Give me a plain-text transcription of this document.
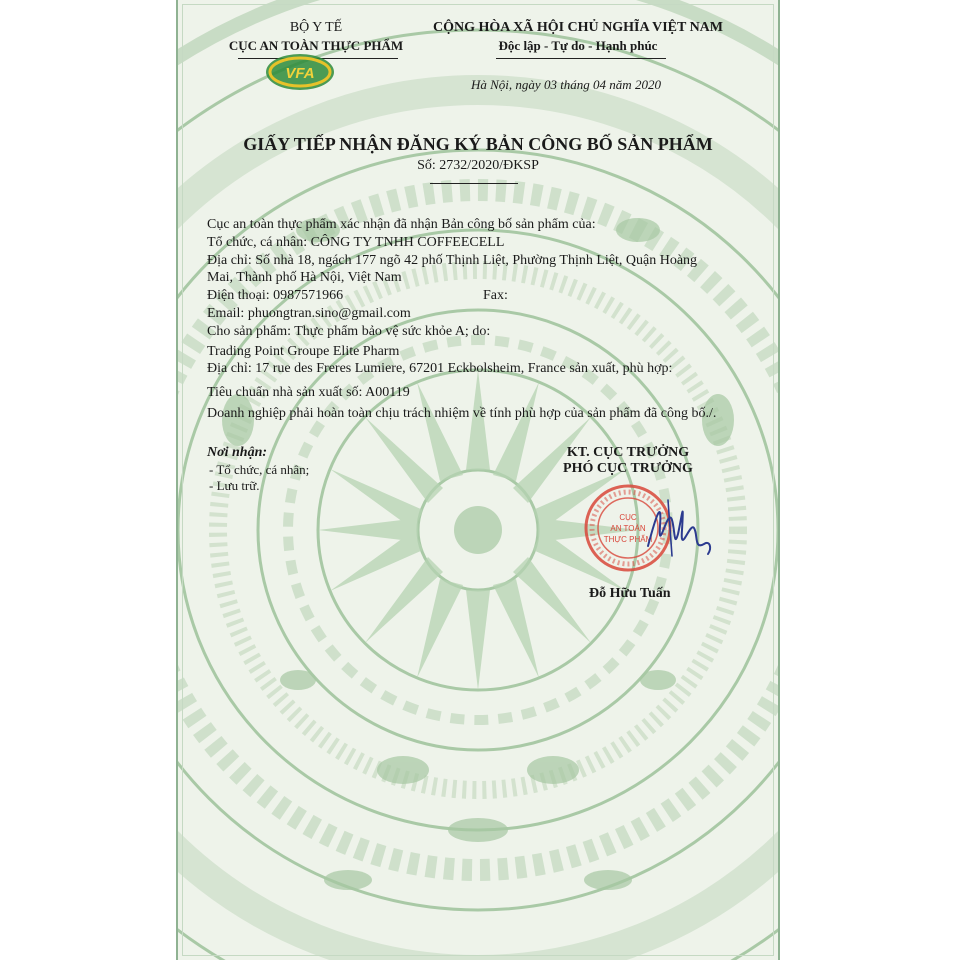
BỘ Y TẾ
CỤC AN TOÀN THỰC PHẨM
VFA
CỘNG HÒA XÃ HỘI CHỦ NGHĨA VIỆT NAM
Độc lập - Tự do - Hạnh phúc
Hà Nội, ngày 03 tháng 04 năm 2020
GIẤY TIẾP NHẬN ĐĂNG KÝ BẢN CÔNG BỐ SẢN PHẨM
Số: 2732/2020/ĐKSP
Cục an toàn thực phẩm xác nhận đã nhận Bản công bố sản phẩm của:
Tổ chức, cá nhân: CÔNG TY TNHH COFFEECELL
Địa chỉ: Số nhà 18, ngách 177 ngõ 42 phố Thịnh Liệt, Phường Thịnh Liệt, Quận Hoàng
Mai, Thành phố Hà Nội, Việt Nam
Điện thoại: 0987571966	Fax:
Email: phuongtran.sino@gmail.com
Cho sản phẩm: Thực phẩm bảo vệ sức khỏe A; do:
Trading Point Groupe Elite Pharm
Địa chỉ: 17 rue des Freres Lumiere, 67201 Eckbolsheim, France sản xuất, phù hợp:
Tiêu chuẩn nhà sản xuất số: A00119
Doanh nghiệp phải hoàn toàn chịu trách nhiệm về tính phù hợp của sản phẩm đã công bố./.
Nơi nhận:
- Tổ chức, cá nhân;
- Lưu trữ.
KT. CỤC TRƯỞNG
PHÓ CỤC TRƯỞNG
CỤC
AN TOÀN
THỰC PHẨM
Đỗ Hữu Tuấn
